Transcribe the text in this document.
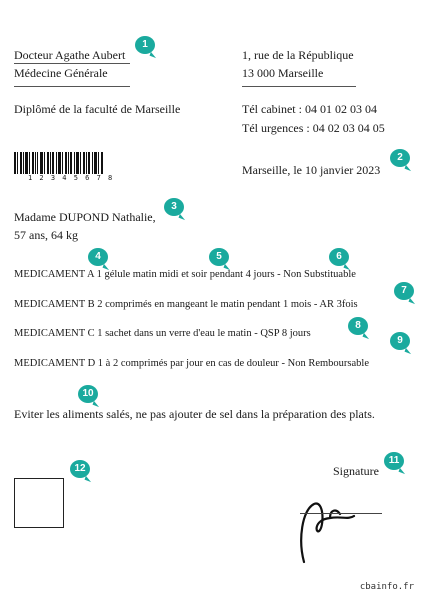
Docteur Agathe Aubert
Médecine Générale
Diplômé de la faculté de Marseille
1, rue de la République
13 000 Marseille
Tél cabinet : 04 01 02 03 04
Tél urgences : 04 02 03 04 05
1 2 3 4 5 6 7 8
Marseille, le 10 janvier 2023
Madame DUPOND Nathalie,
57 ans, 64 kg
MEDICAMENT A 1 gélule matin midi et soir pendant 4 jours - Non Substituable
MEDICAMENT B 2 comprimés en mangeant le matin pendant 1 mois - AR 3fois
MEDICAMENT C 1 sachet dans un verre d'eau le matin - QSP 8 jours
MEDICAMENT D 1 à 2 comprimés par jour en cas de douleur - Non Remboursable
Eviter les aliments salés, ne pas ajouter de sel dans la préparation des plats.
Signature
cbainfo.fr
1
2
3
4	5	6
7
8
9
10
11
12
